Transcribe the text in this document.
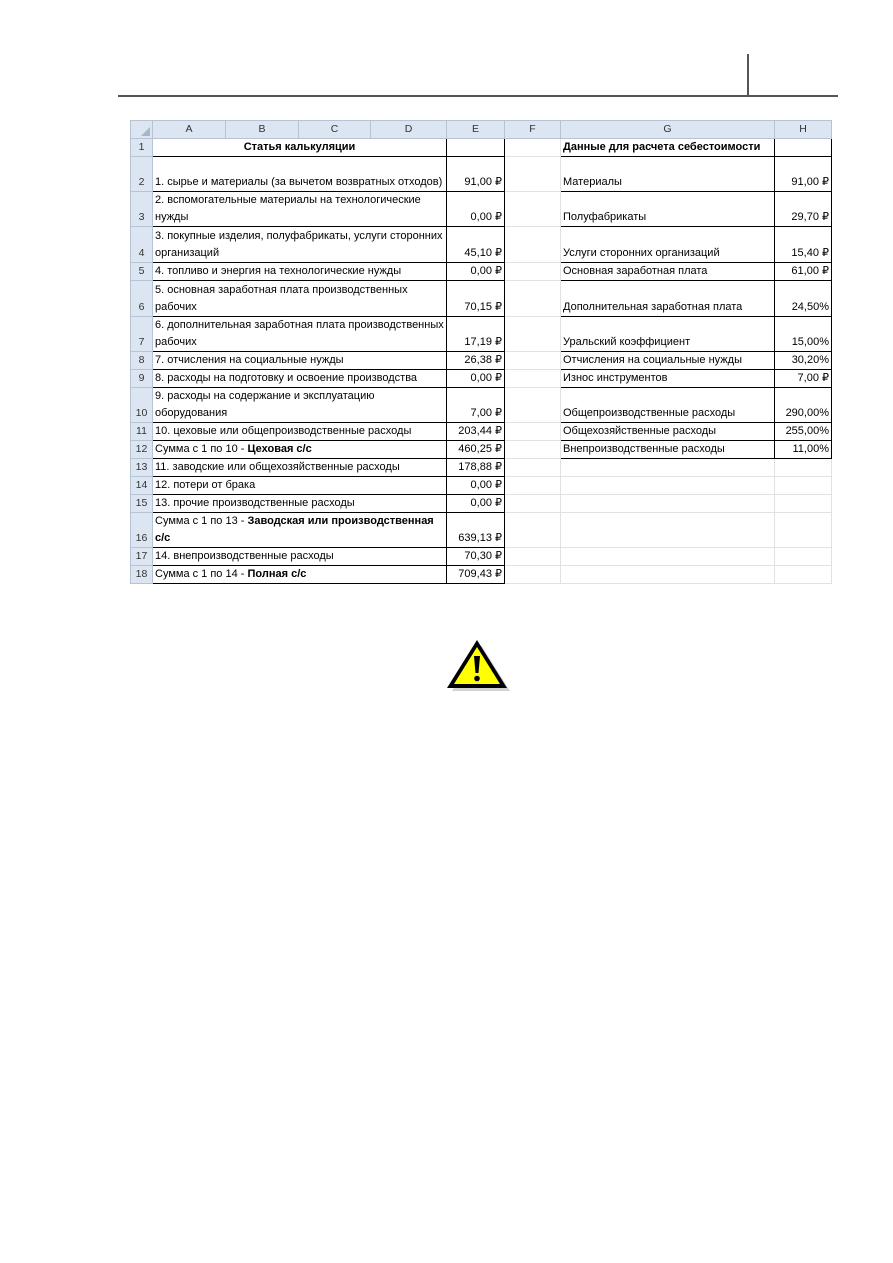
	A	B	C	D	E	F	G	H
1	Статья калькуляции						Данные для расчета себестоимости	
2	1. сырье и материалы (за вычетом возвратных отходов)				91,00 ₽		Материалы	91,00 ₽
3	2. вспомогательные материалы на технологические нужды				0,00 ₽		Полуфабрикаты	29,70 ₽
4	3. покупные изделия, полуфабрикаты, услуги сторонних организаций				45,10 ₽		Услуги сторонних организаций	15,40 ₽
5	4. топливо и энергия на технологические нужды				0,00 ₽		Основная заработная плата	61,00 ₽
6	5. основная заработная плата производственных рабочих				70,15 ₽		Дополнительная заработная плата	24,50%
7	6. дополнительная заработная плата производственных рабочих				17,19 ₽		Уральский коэффициент	15,00%
8	7. отчисления на социальные нужды				26,38 ₽		Отчисления на социальные нужды	30,20%
9	8. расходы на подготовку и освоение производства				0,00 ₽		Износ инструментов	7,00 ₽
10	9. расходы на содержание и эксплуатацию оборудования				7,00 ₽		Общепроизводственные расходы	290,00%
11	10. цеховые или общепроизводственные расходы				203,44 ₽		Общехозяйственные расходы	255,00%
12	Сумма с 1 по 10 - Цеховая с/с				460,25 ₽		Внепроизводственные расходы	11,00%
13	11. заводские или общехозяйственные расходы				178,88 ₽			
14	12. потери от брака				0,00 ₽			
15	13. прочие производственные расходы				0,00 ₽			
16	Сумма с 1 по 13 - Заводская или производственная с/с				639,13 ₽			
17	14. внепроизводственные расходы				70,30 ₽			
18	Сумма с 1 по 14 - Полная с/с				709,43 ₽			
